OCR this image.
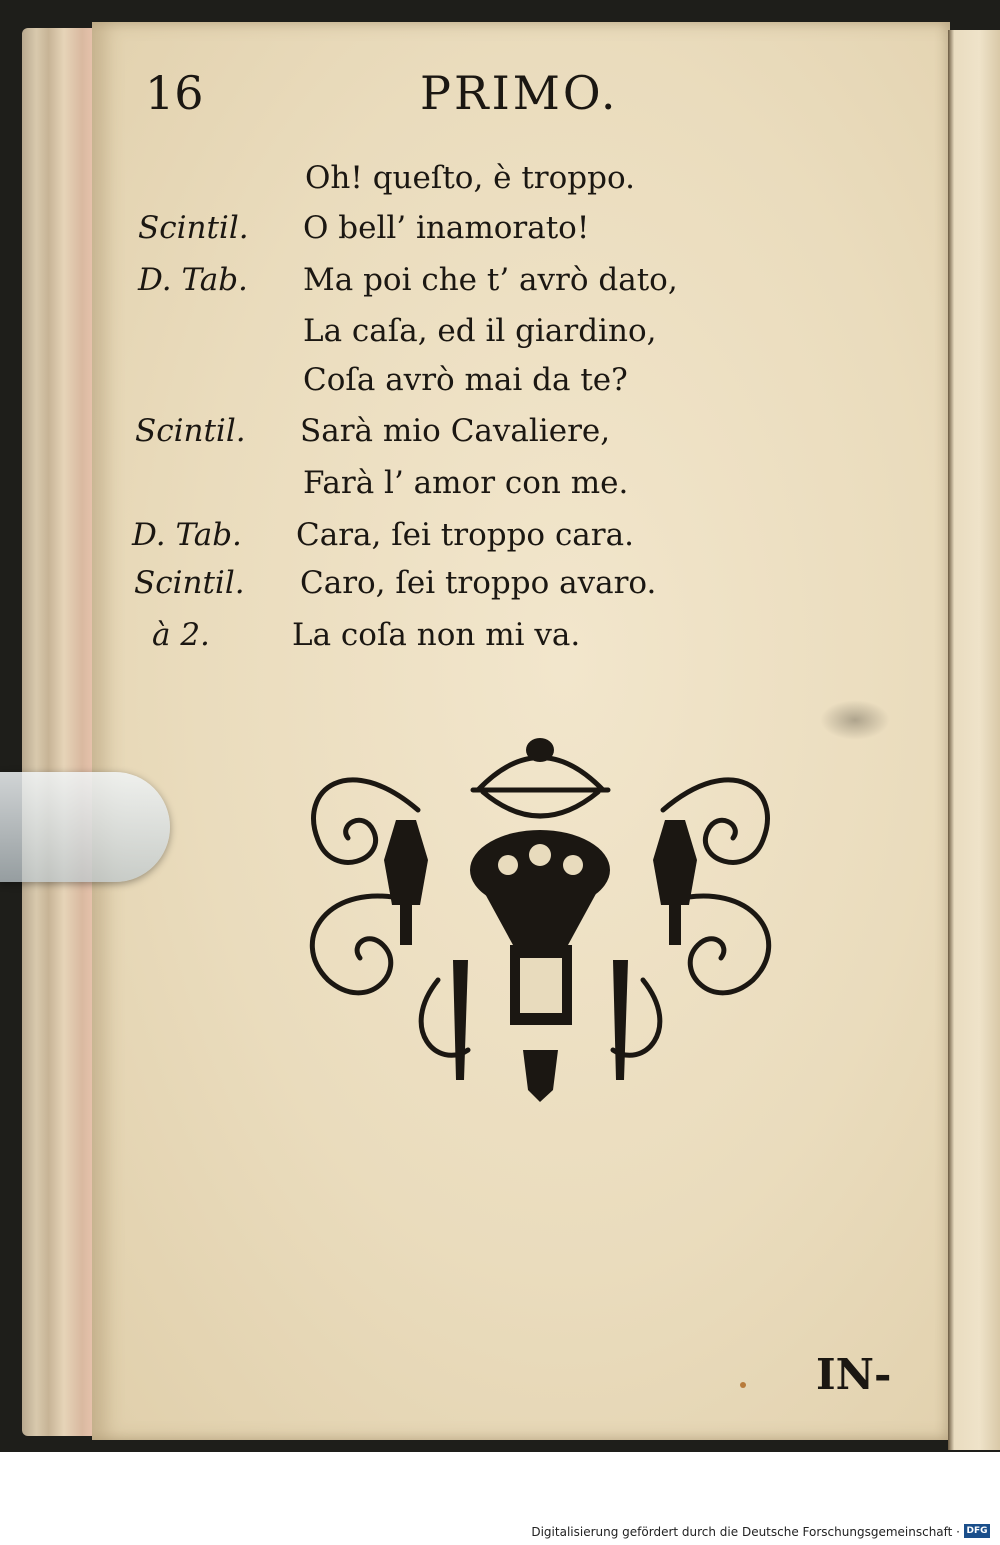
16	PRIMO.
Oh! queſto, è troppo.
Scintil. O bell’ inamorato!
D. Tab. Ma poi che t’ avrò dato,
La caſa, ed il giardino,
Coſa avrò mai da te?
Scintil. Sarà mio Cavaliere,
Farà l’ amor con me.
D. Tab. Cara, ſei troppo cara.
Scintil. Caro, ſei troppo avaro.
à 2.	La coſa non mi va.
IN-
Digitalisierung gefördert durch die Deutsche Forschungsgemeinschaft · DFG
